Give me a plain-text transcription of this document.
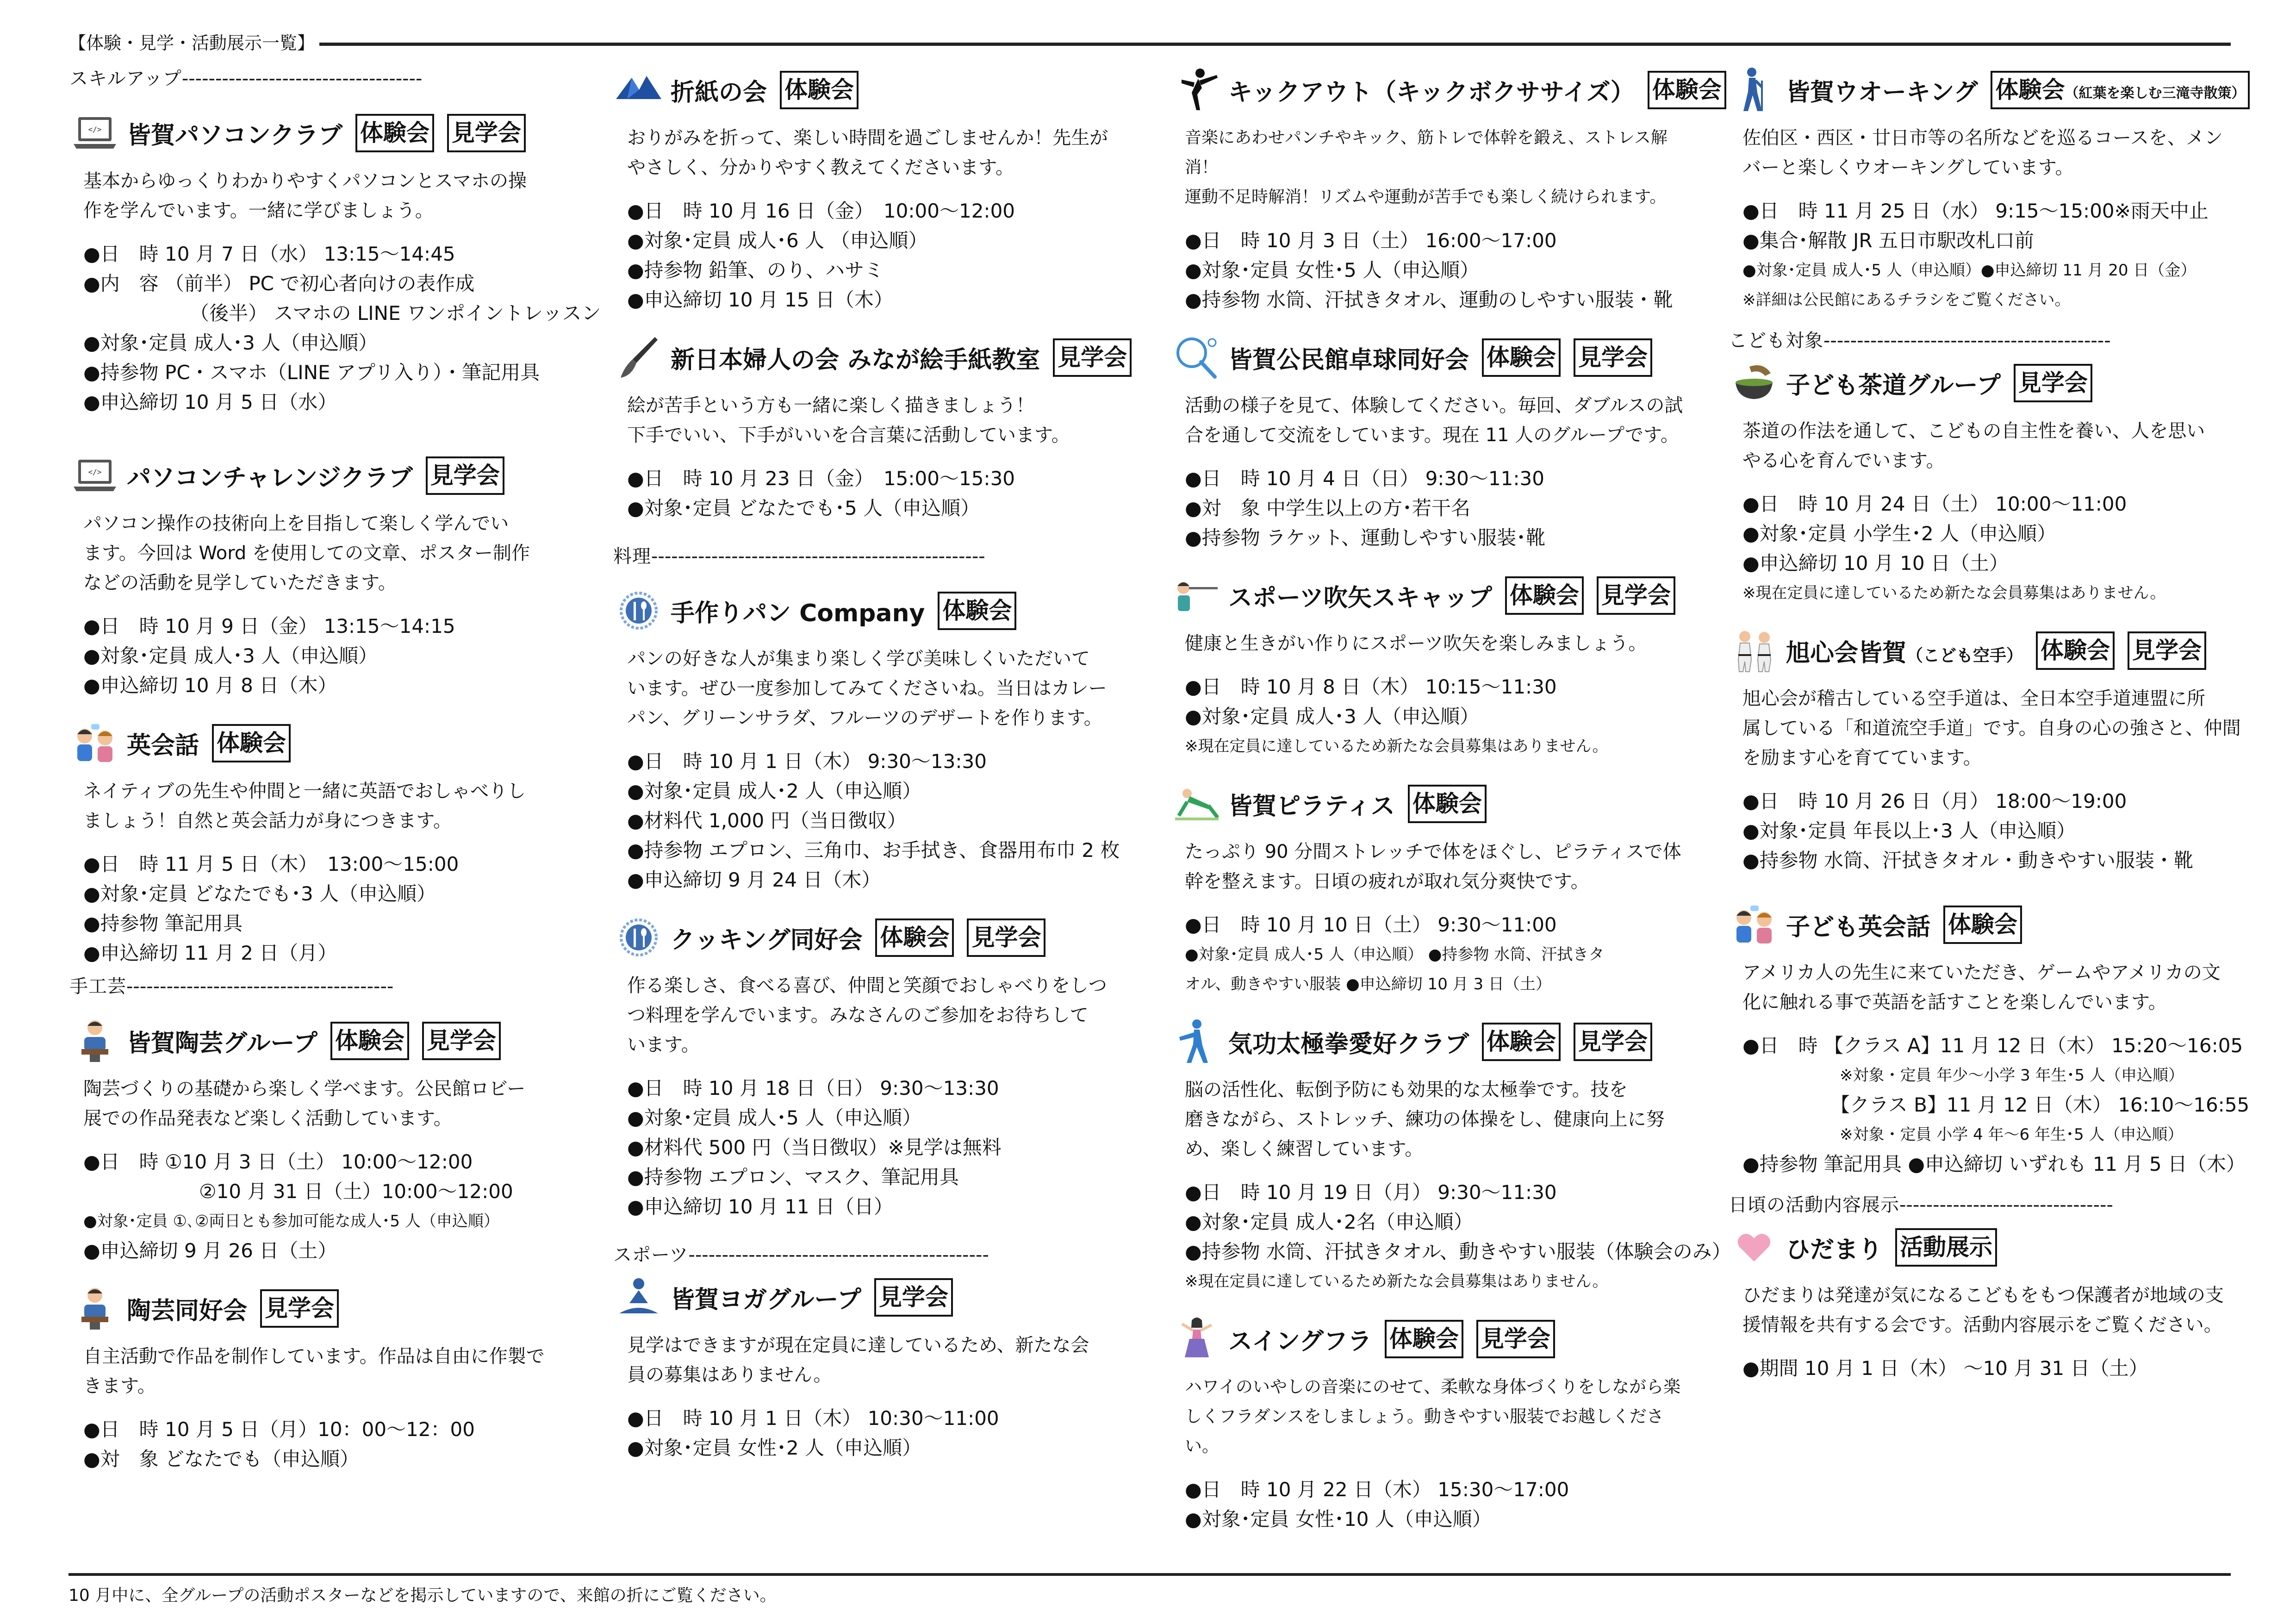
【体験・見学・活動展示一覧】
スキルアップ------------------------------------
</> 皆賀パソコンクラブ 体験会 見学会
基本からゆっくりわかりやすくパソコンとスマホの操
作を学んでいます。一緒に学びましょう。
●日　時 10 月 7 日（水） 13:15～14:45
●内　容 （前半） PC で初心者向けの表作成
（後半） スマホの LINE ワンポイントレッスン
●対象･定員 成人･3 人（申込順）
●持参物 PC・スマホ（LINE アプリ入り）・筆記用具
●申込締切 10 月 5 日（水）
</> パソコンチャレンジクラブ 見学会
パソコン操作の技術向上を目指して楽しく学んでい
ます。今回は Word を使用しての文章、ポスター制作
などの活動を見学していただきます。
●日　時 10 月 9 日（金） 13:15～14:15
●対象･定員 成人･3 人（申込順）
●申込締切 10 月 8 日（木）
英会話 体験会
ネイティブの先生や仲間と一緒に英語でおしゃべりし
ましょう！自然と英会話力が身につきます。
●日　時 11 月 5 日（木）　13:00～15:00
●対象･定員 どなたでも･3 人（申込順）
●持参物 筆記用具
●申込締切 11 月 2 日（月）
手工芸----------------------------------------
皆賀陶芸グループ 体験会 見学会
陶芸づくりの基礎から楽しく学べます。公民館ロビー
展での作品発表など楽しく活動しています。
●日　時 ①10 月 3 日（土） 10:00～12:00
②10 月 31 日（土）10:00～12:00
●対象･定員 ①､②両日とも参加可能な成人･5 人（申込順）
●申込締切 9 月 26 日（土）
陶芸同好会 見学会
自主活動で作品を制作しています。作品は自由に作製で
きます。
●日　時 10 月 5 日（月）10：00～12：00
●対　象 どなたでも（申込順）
折紙の会 体験会
おりがみを折って、楽しい時間を過ごしませんか！先生が
やさしく、分かりやすく教えてくださいます。
●日　時 10 月 16 日（金）　10:00～12:00
●対象･定員 成人･6 人 （申込順）
●持参物 鉛筆、のり、ハサミ
●申込締切 10 月 15 日（木）
新日本婦人の会 みなが絵手紙教室 見学会
絵が苦手という方も一緒に楽しく描きましょう！
下手でいい、下手がいいを合言葉に活動しています。
●日　時 10 月 23 日（金）　15:00～15:30
●対象･定員 どなたでも･5 人（申込順）
料理--------------------------------------------------
手作りパン Company 体験会
パンの好きな人が集まり楽しく学び美味しくいただいて
います。ぜひ一度参加してみてくださいね。当日はカレー
パン、グリーンサラダ、フルーツのデザートを作ります。
●日　時 10 月 1 日（木） 9:30～13:30
●対象･定員 成人･2 人（申込順）
●材料代 1,000 円（当日徴収）
●持参物 エプロン、三角巾、お手拭き、食器用布巾 2 枚
●申込締切 9 月 24 日（木）
クッキング同好会 体験会 見学会
作る楽しさ、食べる喜び、仲間と笑顔でおしゃべりをしつ
つ料理を学んでいます。みなさんのご参加をお待ちして
います。
●日　時 10 月 18 日（日） 9:30～13:30
●対象･定員 成人･5 人（申込順）
●材料代 500 円（当日徴収）※見学は無料
●持参物 エプロン、マスク、筆記用具
●申込締切 10 月 11 日（日）
スポーツ---------------------------------------------
皆賀ヨガグループ 見学会
見学はできますが現在定員に達しているため、新たな会
員の募集はありません。
●日　時 10 月 1 日（木） 10:30～11:00
●対象･定員 女性･2 人（申込順）
キックアウト（キックボクササイズ） 体験会
音楽にあわせパンチやキック、筋トレで体幹を鍛え、ストレス解消！
運動不足時解消！リズムや運動が苦手でも楽しく続けられます。
●日　時 10 月 3 日（土） 16:00～17:00
●対象･定員 女性･5 人（申込順）
●持参物 水筒、汗拭きタオル、運動のしやすい服装・靴
皆賀公民館卓球同好会 体験会 見学会
活動の様子を見て、体験してください。毎回、ダブルスの試
合を通して交流をしています。現在 11 人のグループです。
●日　時 10 月 4 日（日） 9:30～11:30
●対　象 中学生以上の方･若干名
●持参物 ラケット、運動しやすい服装･靴
スポーツ吹矢スキャップ 体験会 見学会
健康と生きがい作りにスポーツ吹矢を楽しみましょう。
●日　時 10 月 8 日（木） 10:15～11:30
●対象･定員 成人･3 人（申込順）
※現在定員に達しているため新たな会員募集はありません。
皆賀ピラティス 体験会
たっぷり 90 分間ストレッチで体をほぐし、ピラティスで体
幹を整えます。日頃の疲れが取れ気分爽快です。
●日　時 10 月 10 日（土） 9:30～11:00
●対象･定員 成人･5 人（申込順） ●持参物 水筒、汗拭きタ
オル、動きやすい服装 ●申込締切 10 月 3 日（土）
気功太極拳愛好クラブ 体験会 見学会
脳の活性化、転倒予防にも効果的な太極拳です。技を
磨きながら、ストレッチ、練功の体操をし、健康向上に努
め、楽しく練習しています。
●日　時 10 月 19 日（月） 9:30～11:30
●対象･定員 成人･2名（申込順）
●持参物 水筒、汗拭きタオル、動きやすい服装（体験会のみ）
※現在定員に達しているため新たな会員募集はありません。
スイングフラ 体験会 見学会
ハワイのいやしの音楽にのせて、柔軟な身体づくりをしながら楽
しくフラダンスをしましょう。動きやすい服装でお越しください。
●日　時 10 月 22 日（木） 15:30～17:00
●対象･定員 女性･10 人（申込順）
皆賀ウオーキング 体験会（紅葉を楽しむ三滝寺散策）
佐伯区・西区・廿日市等の名所などを巡るコースを、メン
バーと楽しくウオーキングしています。
●日　時 11 月 25 日（水） 9:15～15:00※雨天中止
●集合･解散 JR 五日市駅改札口前
●対象･定員 成人･5 人（申込順）●申込締切 11 月 20 日（金）
※詳細は公民館にあるチラシをご覧ください。
こども対象-------------------------------------------
子ども茶道グループ 見学会
茶道の作法を通して、こどもの自主性を養い、人を思い
やる心を育んでいます。
●日　時 10 月 24 日（土） 10:00～11:00
●対象･定員 小学生･2 人（申込順）
●申込締切 10 月 10 日（土）
※現在定員に達しているため新たな会員募集はありません。
旭心会皆賀（こども空手） 体験会 見学会
旭心会が稽古している空手道は、全日本空手道連盟に所
属している「和道流空手道」です。自身の心の強さと、仲間
を励ます心を育てています。
●日　時 10 月 26 日（月） 18:00～19:00
●対象･定員 年長以上･3 人（申込順）
●持参物 水筒、汗拭きタオル・動きやすい服装・靴
子ども英会話 体験会
アメリカ人の先生に来ていただき、ゲームやアメリカの文
化に触れる事で英語を話すことを楽しんでいます。
●日　時 【クラス A】11 月 12 日（木） 15:20～16:05
※対象・定員 年少～小学 3 年生･5 人（申込順）
【クラス B】11 月 12 日（木） 16:10～16:55
※対象・定員 小学 4 年～6 年生･5 人（申込順）
●持参物 筆記用具 ●申込締切 いずれも 11 月 5 日（木）
日頃の活動内容展示--------------------------------
ひだまり 活動展示
ひだまりは発達が気になるこどもをもつ保護者が地域の支
援情報を共有する会です。活動内容展示をご覧ください。
●期間 10 月 1 日（木） ～10 月 31 日（土）
10 月中に、全グループの活動ポスターなどを掲示していますので、来館の折にご覧ください。
